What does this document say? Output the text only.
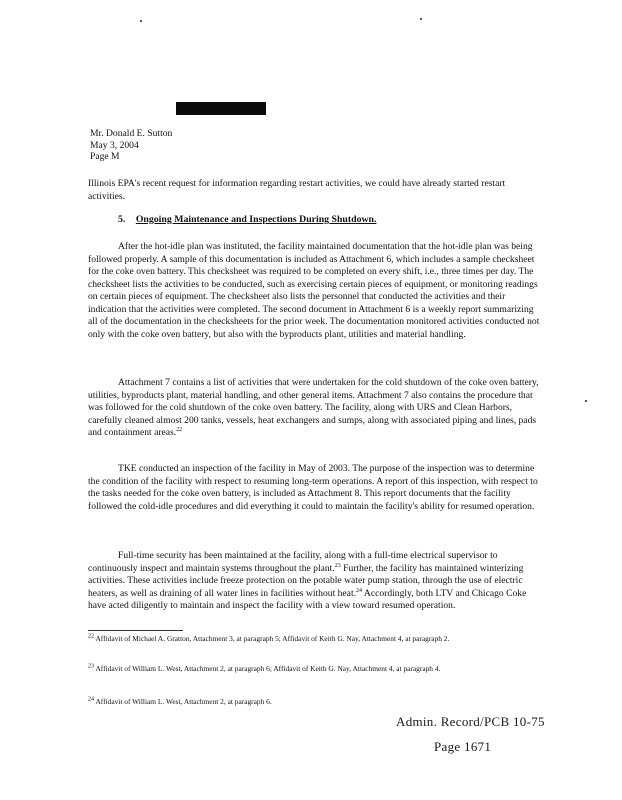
Mr. Donald E. Sutton
May 3, 2004
Page M
Illinois EPA's recent request for information regarding restart activities, we could have already started restart activities.
5. Ongoing Maintenance and Inspections During Shutdown.
After the hot-idle plan was instituted, the facility maintained documentation that the hot-idle plan was being followed properly. A sample of this documentation is included as Attachment 6, which includes a sample checksheet for the coke oven battery. This checksheet was required to be completed on every shift, i.e., three times per day. The checksheet lists the activities to be conducted, such as exercising certain pieces of equipment, or monitoring readings on certain pieces of equipment. The checksheet also lists the personnel that conducted the activities and their indication that the activities were completed. The second document in Attachment 6 is a weekly report summarizing all of the documentation in the checksheets for the prior week. The documentation monitored activities conducted not only with the coke oven battery, but also with the byproducts plant, utilities and material handling.
Attachment 7 contains a list of activities that were undertaken for the cold shutdown of the coke oven battery, utilities, byproducts plant, material handling, and other general items. Attachment 7 also contains the procedure that was followed for the cold shutdown of the coke oven battery. The facility, along with URS and Clean Harbors, carefully cleaned almost 200 tanks, vessels, heat exchangers and sumps, along with associated piping and lines, pads and containment areas.$^{22}$
TKE conducted an inspection of the facility in May of 2003. The purpose of the inspection was to determine the condition of the facility with respect to resuming long-term operations. A report of this inspection, with respect to the tasks needed for the coke oven battery, is included as Attachment 8. This report documents that the facility followed the cold-idle procedures and did everything it could to maintain the facility's ability for resumed operation.
Full-time security has been maintained at the facility, along with a full-time electrical supervisor to continuously inspect and maintain systems throughout the plant.$^{23}$ Further, the facility has maintained winterizing activities. These activities include freeze protection on the potable water pump station, through the use of electric heaters, as well as draining of all water lines in facilities without heat.$^{24}$ Accordingly, both LTV and Chicago Coke have acted diligently to maintain and inspect the facility with a view toward resumed operation.
$^{22}$ Affidavit of Michael A. Gratton, Attachment 3, at paragraph 5; Affidavit of Keith G. Nay, Attachment 4, at paragraph 2.
$^{23}$ Affidavit of William L. West, Attachment 2, at paragraph 6; Affidavit of Keith G. Nay, Attachment 4, at paragraph 4.
$^{24}$ Affidavit of William L. West, Attachment 2, at paragraph 6.
Admin. Record/PCB 10-75
Page 1671
